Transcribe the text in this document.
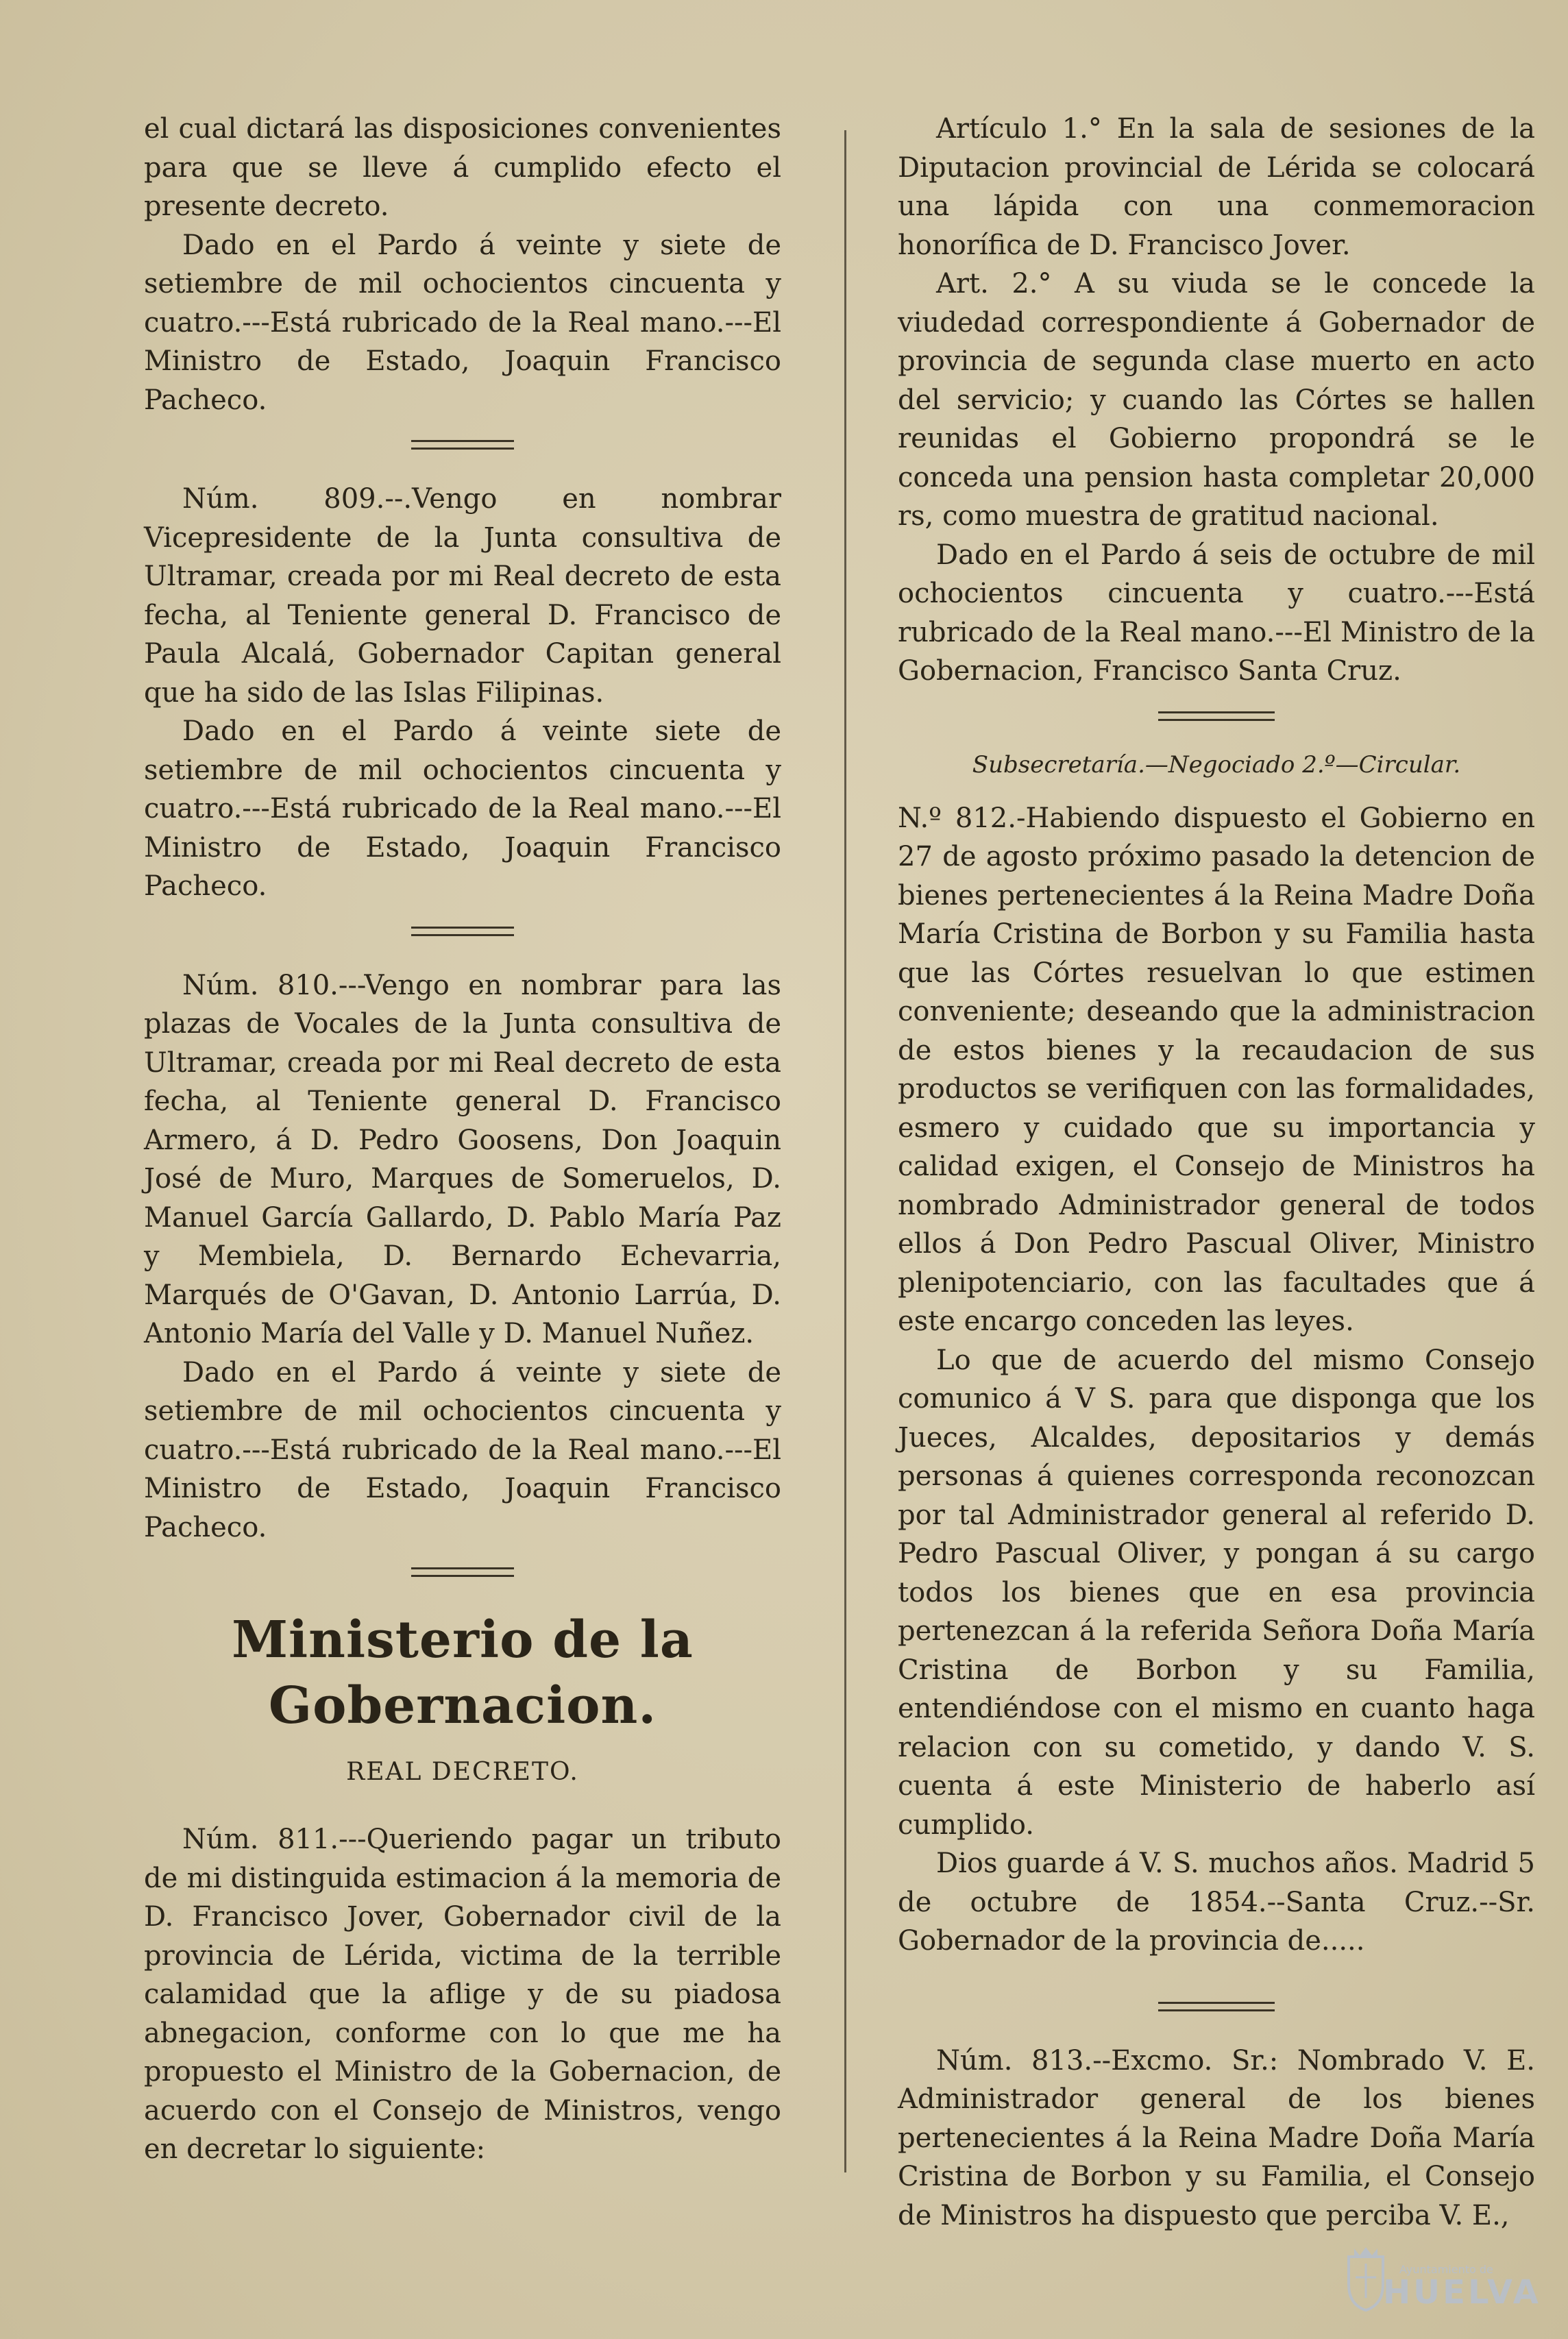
el cual dictará las disposiciones convenientes para que se lleve á cumplido efecto el presente decreto.

Dado en el Pardo á veinte y siete de setiembre de mil ochocientos cincuenta y cuatro.---Está rubricado de la Real mano.---El Ministro de Estado, Joaquin Francisco Pacheco.

Núm. 809.--.Vengo en nombrar Vicepresidente de la Junta consultiva de Ultramar, creada por mi Real decreto de esta fecha, al Teniente general D. Francisco de Paula Alcalá, Gobernador Capitan general que ha sido de las Islas Filipinas.

Dado en el Pardo á veinte siete de setiembre de mil ochocientos cincuenta y cuatro.---Está rubricado de la Real mano.---El Ministro de Estado, Joaquin Francisco Pacheco.

Núm. 810.---Vengo en nombrar para las plazas de Vocales de la Junta consultiva de Ultramar, creada por mi Real decreto de esta fecha, al Teniente general D. Francisco Armero, á D. Pedro Goosens, Don Joaquin José de Muro, Marques de Someruelos, D. Manuel García Gallardo, D. Pablo María Paz y Membiela, D. Bernardo Echevarria, Marqués de O'Gavan, D. Antonio Larrúa, D. Antonio María del Valle y D. Manuel Nuñez.

Dado en el Pardo á veinte y siete de setiembre de mil ochocientos cincuenta y cuatro.---Está rubricado de la Real mano.---El Ministro de Estado, Joaquin Francisco Pacheco.

Ministerio de la Gobernacion.
REAL DECRETO.

Núm. 811.---Queriendo pagar un tributo de mi distinguida estimacion á la memoria de D. Francisco Jover, Gobernador civil de la provincia de Lérida, victima de la terrible calamidad que la aflige y de su piadosa abnegacion, conforme con lo que me ha propuesto el Ministro de la Gobernacion, de acuerdo con el Consejo de Ministros, vengo en decretar lo siguiente:

Artículo 1.° En la sala de sesiones de la Diputacion provincial de Lérida se colocará una lápida con una conmemoracion honorífica de D. Francisco Jover.

Art. 2.° A su viuda se le concede la viudedad correspondiente á Gobernador de provincia de segunda clase muerto en acto del servicio; y cuando las Córtes se hallen reunidas el Gobierno propondrá se le conceda una pension hasta completar 20,000 rs, como muestra de gratitud nacional.

Dado en el Pardo á seis de octubre de mil ochocientos cincuenta y cuatro.---Está rubricado de la Real mano.---El Ministro de la Gobernacion, Francisco Santa Cruz.

Subsecretaría.—Negociado 2.º—Circular.

N.º 812.-Habiendo dispuesto el Gobierno en 27 de agosto próximo pasado la detencion de bienes pertenecientes á la Reina Madre Doña María Cristina de Borbon y su Familia hasta que las Córtes resuelvan lo que estimen conveniente; deseando que la administracion de estos bienes y la recaudacion de sus productos se verifiquen con las formalidades, esmero y cuidado que su importancia y calidad exigen, el Consejo de Ministros ha nombrado Administrador general de todos ellos á Don Pedro Pascual Oliver, Ministro plenipotenciario, con las facultades que á este encargo conceden las leyes.

Lo que de acuerdo del mismo Consejo comunico á V S. para que disponga que los Jueces, Alcaldes, depositarios y demás personas á quienes corresponda reconozcan por tal Administrador general al referido D. Pedro Pascual Oliver, y pongan á su cargo todos los bienes que en esa provincia pertenezcan á la referida Señora Doña María Cristina de Borbon y su Familia, entendiéndose con el mismo en cuanto haga relacion con su cometido, y dando V. S. cuenta á este Ministerio de haberlo así cumplido.

Dios guarde á V. S. muchos años. Madrid 5 de octubre de 1854.--Santa Cruz.--Sr. Gobernador de la provincia de.....

Núm. 813.--Excmo. Sr.: Nombrado V. E. Administrador general de los bienes pertenecientes á la Reina Madre Doña María Cristina de Borbon y su Familia, el Consejo de Ministros ha dispuesto que perciba V. E.,

Ayuntamiento de
HUELVA
